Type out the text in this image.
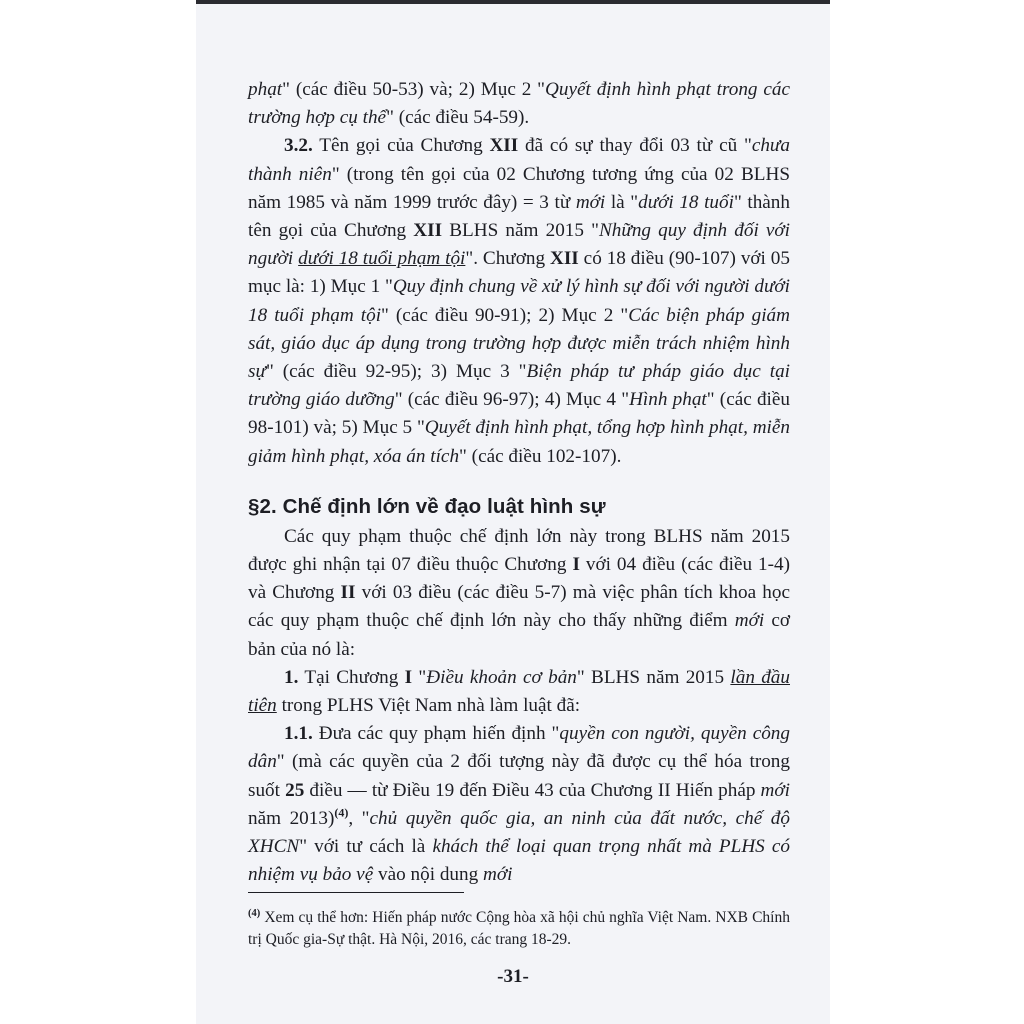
phạt" (các điều 50-53) và; 2) Mục 2 "Quyết định hình phạt trong các trường hợp cụ thể" (các điều 54-59).

3.2. Tên gọi của Chương XII đã có sự thay đổi 03 từ cũ "chưa thành niên" (trong tên gọi của 02 Chương tương ứng của 02 BLHS năm 1985 và năm 1999 trước đây) = 3 từ mới là "dưới 18 tuổi" thành tên gọi của Chương XII BLHS năm 2015 "Những quy định đối với người dưới 18 tuổi phạm tội". Chương XII có 18 điều (90-107) với 05 mục là: 1) Mục 1 "Quy định chung về xử lý hình sự đối với người dưới 18 tuổi phạm tội" (các điều 90-91); 2) Mục 2 "Các biện pháp giám sát, giáo dục áp dụng trong trường hợp được miễn trách nhiệm hình sự" (các điều 92-95); 3) Mục 3 "Biện pháp tư pháp giáo dục tại trường giáo dưỡng" (các điều 96-97); 4) Mục 4 "Hình phạt" (các điều 98-101) và; 5) Mục 5 "Quyết định hình phạt, tổng hợp hình phạt, miễn giảm hình phạt, xóa án tích" (các điều 102-107).

§2. Chế định lớn về đạo luật hình sự

Các quy phạm thuộc chế định lớn này trong BLHS năm 2015 được ghi nhận tại 07 điều thuộc Chương I với 04 điều (các điều 1-4) và Chương II với 03 điều (các điều 5-7) mà việc phân tích khoa học các quy phạm thuộc chế định lớn này cho thấy những điểm mới cơ bản của nó là:

1. Tại Chương I "Điều khoản cơ bản" BLHS năm 2015 lần đầu tiên trong PLHS Việt Nam nhà làm luật đã:

1.1. Đưa các quy phạm hiến định "quyền con người, quyền công dân" (mà các quyền của 2 đối tượng này đã được cụ thể hóa trong suốt 25 điều — từ Điều 19 đến Điều 43 của Chương II Hiến pháp mới năm 2013)$^{(4)}$, "chủ quyền quốc gia, an ninh của đất nước, chế độ XHCN" với tư cách là khách thể loại quan trọng nhất mà PLHS có nhiệm vụ bảo vệ vào nội dung mới

$^{(4)}$ Xem cụ thể hơn: Hiến pháp nước Cộng hòa xã hội chủ nghĩa Việt Nam. NXB Chính trị Quốc gia-Sự thật. Hà Nội, 2016, các trang 18-29.
-31-
